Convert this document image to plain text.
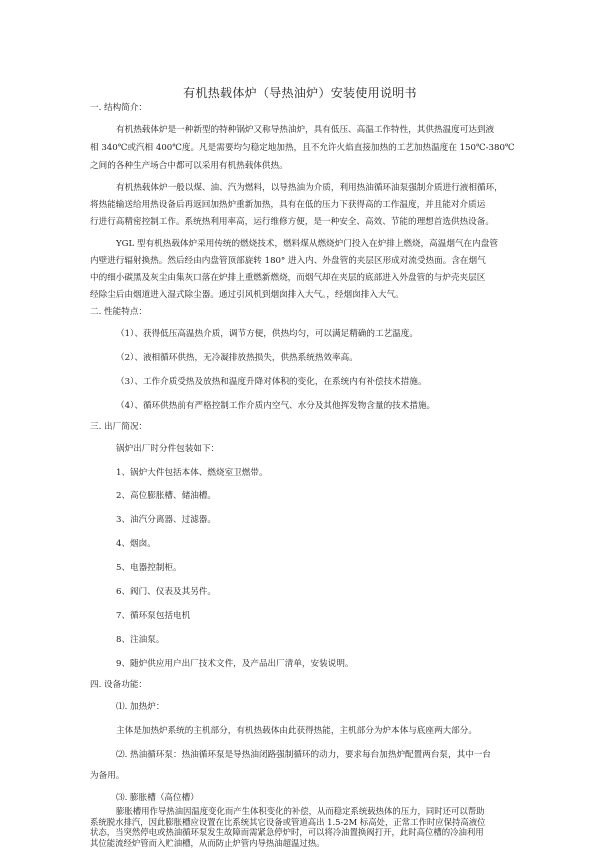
有机热载体炉（导热油炉）安装使用说明书
一. 结构简介：
有机热载体炉是一种新型的特种锅炉又称导热油炉，具有低压、高温工作特性，其供热温度可达到液
相 340℃或汽相 400℃度。凡是需要均匀稳定地加热，且不允许火焰直接加热的工艺加热温度在 150℃-380℃
之间的各种生产场合中都可以采用有机热载体供热。
有机热载体炉一般以煤、油、汽为燃料，以导热油为介质，利用热油循环油泵强制介质进行液相循环，
将热能输送给用热设备后再返回加热炉重新加热，具有在低的压力下获得高的工作温度，并且能对介质运
行进行高精密控制工作。系统热利用率高，运行维修方便，是一种安全、高效、节能的理想首选供热设备。
YGL 型有机热载体炉采用传统的燃烧技术，燃料煤从燃烧炉门投入在炉排上燃烧，高温烟气在内盘管
内壁进行辐射换热。然后经由内盘管顶部旋转 180° 进入内、外盘管的夹层区形成对流受热面。含在烟气
中的细小碳黑及灰尘由集灰口落在炉排上重燃新燃烧，而烟气却在夹层的底部进入外盘管的与炉壳夹层区
经除尘后由烟道进入湿式除尘器。通过引风机到烟囱排入大气。，经烟囱排入大气。
二. 性能特点：
（1）、获得低压高温热介质，调节方便，供热均匀，可以满足精确的工艺温度。
（2）、液相循环供热，无冷凝排放热损失，供热系统热效率高。
（3）、工作介质受热及放热和温度升降对体积的变化，在系统内有补偿技术措施。
（4）、循环供热前有严格控制工作介质内空气、水分及其他挥发物含量的技术措施。
三. 出厂简况：
锅炉出厂时分件包装如下：
1、锅炉大件包括本体、燃烧室卫燃带。
2、高位膨胀槽、储油槽。
3、油汽分离器、过滤器。
4、烟囱。
5、电器控制柜。
6、阀门、仪表及其另件。
7、循环泵包括电机
8、注油泵。
9、随炉供应用户出厂技术文件，及产品出厂清单，安装说明。
四. 设备功能：
⑴. 加热炉：
主体是加热炉系统的主机部分，有机热载体由此获得热能，主机部分为炉本体与底座两大部分。
⑵. 热油循环泵：热油循环泵是导热油闭路强制循环的动力，要求每台加热炉配置两台泵，其中一台
为备用。
⑶. 膨胀槽（高位槽）
膨胀槽用作导热油因温度变化而产生体积变化的补偿，从而稳定系统载热体的压力，同时还可以帮助
系统脱水排汽，因此膨胀槽应设置在比系统其它设备或管道高出 1.5-2M 标高处，正常工作时应保持高液位
状态，当突然停电或热油循环泵发生故障而需紧急停炉时，可以将冷油置换阀打开，此时高位槽的冷油利用
其位能流经炉管而入贮油槽，从而防止炉管内导热油超温过热。
